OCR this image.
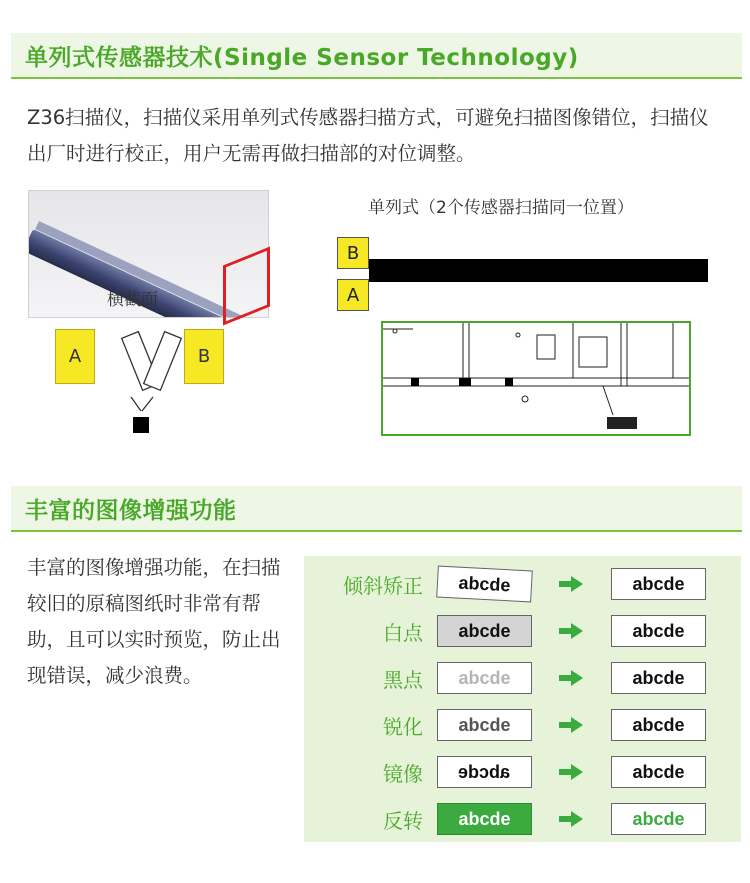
单列式传感器技术(Single Sensor Technology)

Z36扫描仪，扫描仪采用单列式传感器扫描方式，可避免扫描图像错位，扫描仪出厂时进行校正，用户无需再做扫描部的对位调整。

横截面
A	B
单列式（2个传感器扫描同一位置）
B
A
丰富的图像增强功能

丰富的图像增强功能，在扫描较旧的原稿图纸时非常有帮助，且可以实时预览，防止出现错误，减少浪费。

倾斜矫正 abcde	abcde
白点 abcde	abcde
黑点 abcde	abcde
锐化 abcde	abcde
镜像 abcde	abcde
反转 abcde	abcde
